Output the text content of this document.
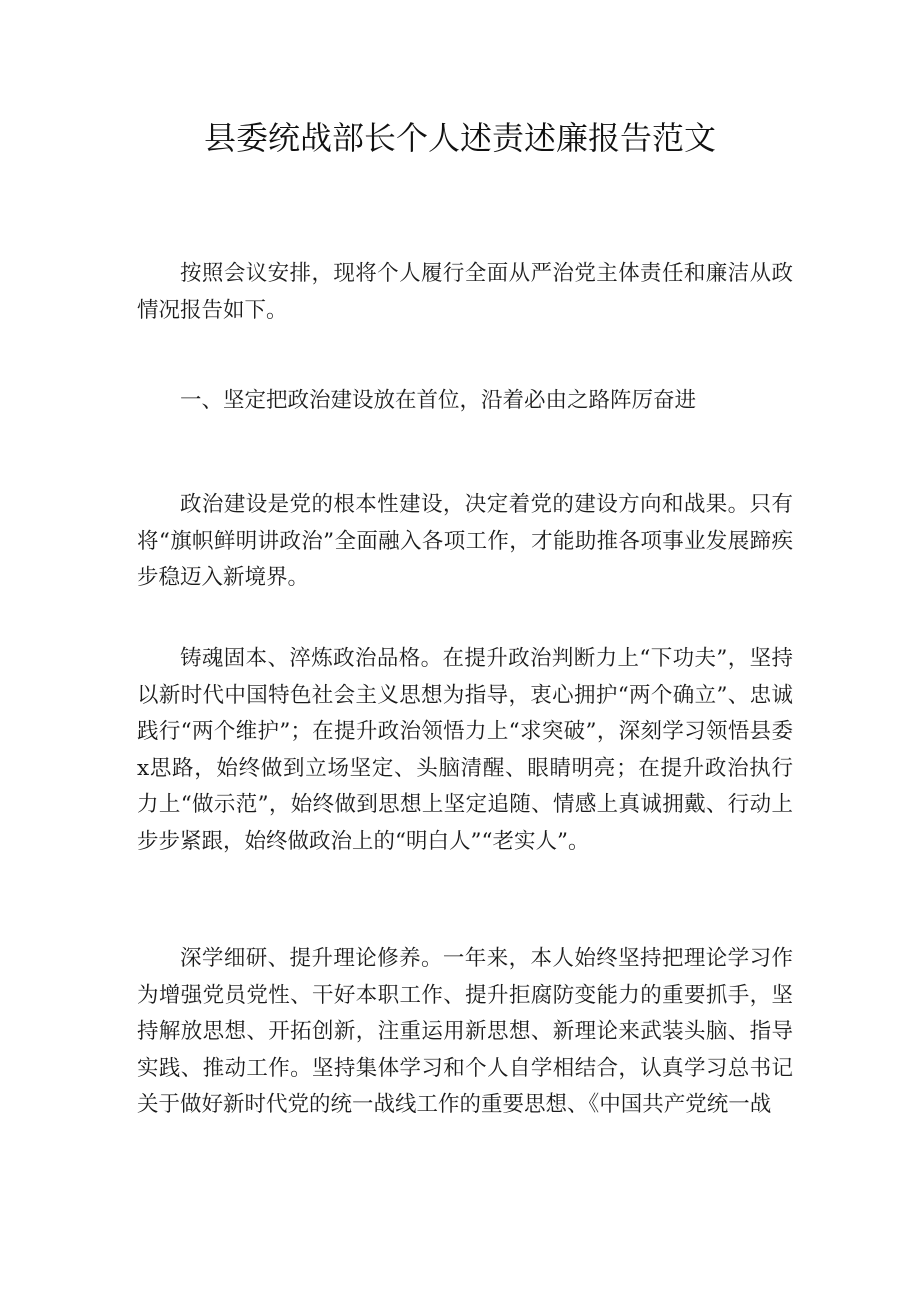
县委统战部长个人述责述廉报告范文

按照会议安排，现将个人履行全面从严治党主体责任和廉洁从政情况报告如下。

一、坚定把政治建设放在首位，沿着必由之路阵厉奋进

政治建设是党的根本性建设，决定着党的建设方向和战果。只有将“旗帜鲜明讲政治”全面融入各项工作，才能助推各项事业发展蹄疾步稳迈入新境界。

铸魂固本、淬炼政治品格。在提升政治判断力上“下功夫”，坚持以新时代中国特色社会主义思想为指导，衷心拥护“两个确立”、忠诚践行“两个维护”；在提升政治领悟力上“求突破”，深刻学习领悟县委x思路，始终做到立场坚定、头脑清醒、眼睛明亮；在提升政治执行力上“做示范”，始终做到思想上坚定追随、情感上真诚拥戴、行动上步步紧跟，始终做政治上的“明白人”“老实人”。

深学细研、提升理论修养。一年来，本人始终坚持把理论学习作为增强党员党性、干好本职工作、提升拒腐防变能力的重要抓手，坚持解放思想、开拓创新，注重运用新思想、新理论来武装头脑、指导实践、推动工作。坚持集体学习和个人自学相结合，认真学习总书记关于做好新时代党的统一战线工作的重要思想、《中国共产党统一战
